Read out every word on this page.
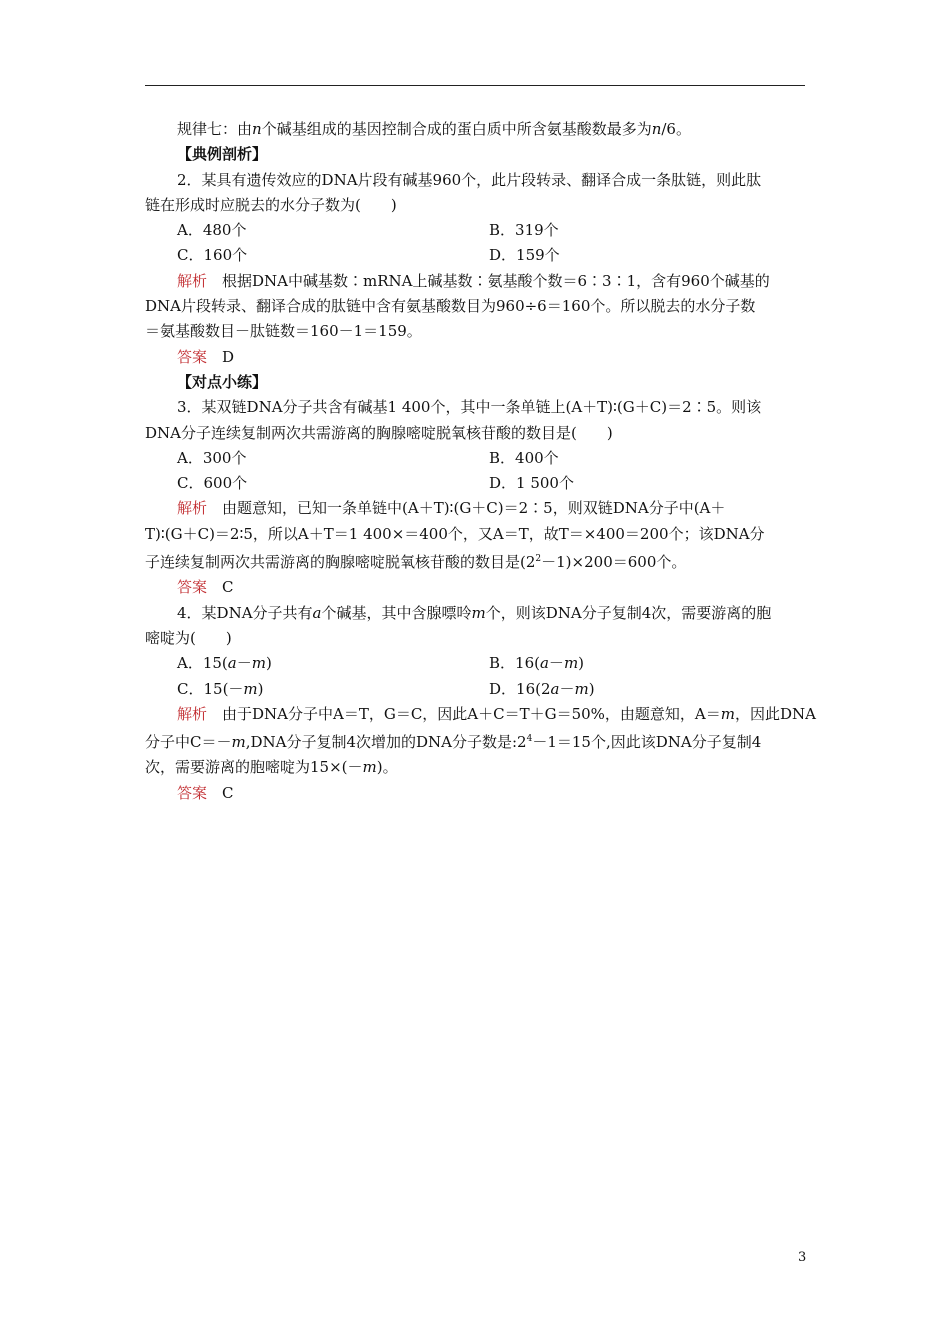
规律七：由n个碱基组成的基因控制合成的蛋白质中所含氨基酸数最多为n/6。

【典例剖析】

2．某具有遗传效应的DNA片段有碱基960个，此片段转录、翻译合成一条肽链，则此肽

链在形成时应脱去的水分子数为(　　)

A．480个	B．319个
C．160个	D．159个

解析　根据DNA中碱基数∶mRNA上碱基数∶氨基酸个数＝6∶3∶1，含有960个碱基的

DNA片段转录、翻译合成的肽链中含有氨基酸数目为960÷6＝160个。所以脱去的水分子数

＝氨基酸数目－肽链数＝160－1＝159。

答案　D

【对点小练】

3．某双链DNA分子共含有碱基1 400个，其中一条单链上(A＋T)∶(G＋C)＝2∶5。则该

DNA分子连续复制两次共需游离的胸腺嘧啶脱氧核苷酸的数目是(　　)

A．300个	B．400个
C．600个	D．1 500个

解析　由题意知，已知一条单链中(A＋T)∶(G＋C)＝2∶5，则双链DNA分子中(A＋

T)∶(G＋C)＝2∶5，所以A＋T＝1 400×＝400个，又A＝T，故T＝×400＝200个；该DNA分

子连续复制两次共需游离的胸腺嘧啶脱氧核苷酸的数目是$(2^2-1)\times 200=600$个。

答案　C

4．某DNA分子共有a个碱基，其中含腺嘌呤m个，则该DNA分子复制4次，需要游离的胞

嘧啶为(　　)

A．15(a－m)	B．16(a－m)
C．15(－m)	D．16(2a－m)

解析　由于DNA分子中A＝T，G＝C，因此A＋C＝T＋G＝50%，由题意知，A＝m，因此DNA

分子中C＝－m,DNA分子复制4次增加的DNA分子数是$:2^4-1=15$个,因此该DNA分子复制4

次，需要游离的胞嘧啶为15×(－m)。

答案　C

3
